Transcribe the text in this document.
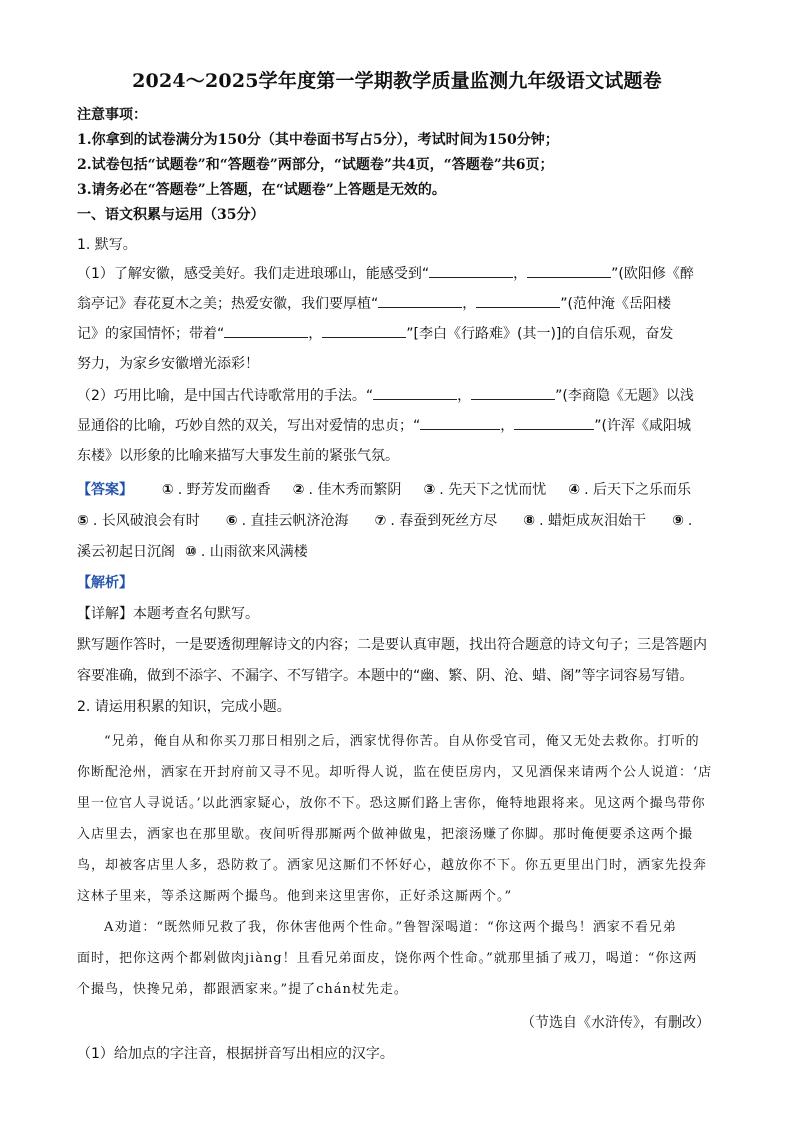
2024～2025学年度第一学期教学质量监测九年级语文试题卷
注意事项：
1.你拿到的试卷满分为150分（其中卷面书写占5分），考试时间为150分钟；
2.试卷包括“试题卷”和“答题卷”两部分，“试题卷”共4页，“答题卷”共6页；
3.请务必在“答题卷”上答题，在“试题卷”上答题是无效的。
一、语文积累与运用（35分）
1. 默写。
（1）了解安徽，感受美好。我们走进琅琊山，能感受到“	，	”(欧阳修《醉
翁亭记》春花夏木之美；热爱安徽，我们要厚植“	，	”(范仲淹《岳阳楼
记》的家国情怀；带着“	，	”[李白《行路难》(其一)]的自信乐观，奋发
努力，为家乡安徽增光添彩！
（2）巧用比喻，是中国古代诗歌常用的手法。“	，	”(李商隐《无题》以浅
显通俗的比喻，巧妙自然的双关，写出对爱情的忠贞；“	，	”(许浑《咸阳城
东楼》以形象的比喻来描写大事发生前的紧张气氛。
【答案】 ① . 野芳发而幽香 ② . 佳木秀而繁阴 ③ . 先天下之忧而忧 ④ . 后天下之乐而乐
⑤ . 长风破浪会有时 ⑥ . 直挂云帆济沧海 ⑦ . 春蚕到死丝方尽 ⑧ . 蜡炬成灰泪始干 ⑨ .
溪云初起日沉阁 ⑩ . 山雨欲来风满楼
【解析】
【详解】本题考查名句默写。
默写题作答时，一是要透彻理解诗文的内容；二是要认真审题，找出符合题意的诗文句子；三是答题内
容要准确，做到不添字、不漏字、不写错字。本题中的“幽、繁、阴、沧、蜡、阁”等字词容易写错。
2. 请运用积累的知识，完成小题。
“兄弟，俺自从和你买刀那日相别之后，洒家忧得你苦。自从你受官司，俺又无处去救你。打听的
你断配沧州，洒家在开封府前又寻不见。却听得人说，监在使臣房内，又见酒保来请两个公人说道：‘店
里一位官人寻说话。’以此洒家疑心，放你不下。恐这厮们路上害你，俺特地跟将来。见这两个撮鸟带你
入店里去，洒家也在那里歇。夜间听得那厮两个做神做鬼，把滚汤赚了你脚。那时俺便要杀这两个撮
鸟，却被客店里人多，恐防救了。洒家见这厮们不怀好心，越放你不下。你五更里出门时，洒家先投奔
这林子里来，等杀这厮两个撮鸟。他到来这里害你，正好杀这厮两个。”
A劝道：“既然师兄救了我，你休害他两个性命。”鲁智深喝道：“你这两个撮鸟！洒家不看兄弟
面时，把你这两个都剁做肉jiàng！且看兄弟面皮，饶你两个性命。”就那里插了戒刀，喝道：“你这两
个撮鸟，快搀兄弟，都跟洒家来。”提了chán杖先走。
（节选自《水浒传》，有删改）
（1）给加点的字注音，根据拼音写出相应的汉字。
